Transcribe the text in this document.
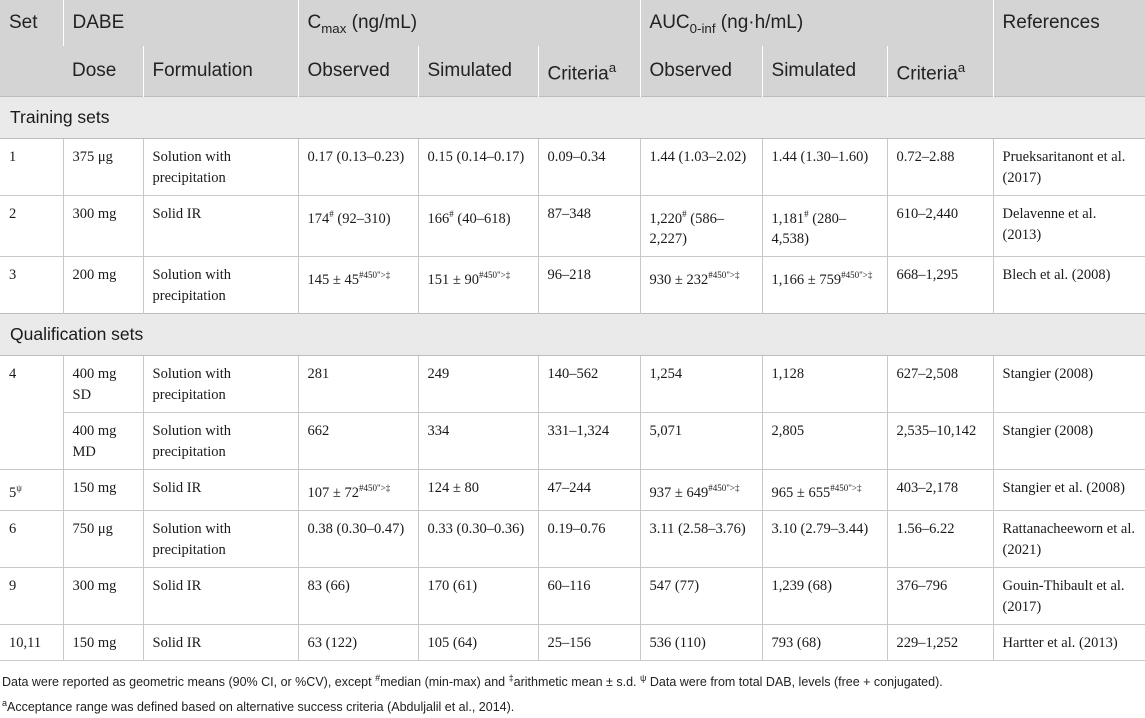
Set	DABE		$C_{max}$ (ng/mL)			$AUC_{0-inf}$ (ng·h/mL)			References
	Dose	Formulation	Observed	Simulated	Criteria$^a$	Observed	Simulated	Criteria$^a$
Training sets									
1	375 μg	Solution with precipitation	0.17 (0.13–0.23)	0.15 (0.14–0.17)	0.09–0.34	1.44 (1.03–2.02)	1.44 (1.30–1.60)	0.72–2.88	Prueksaritanont et al. (2017)
2	300 mg	Solid IR	174# (92–310)	166# (40–618)	87–348	1,220# (586–2,227)	1,181# (280–4,538)	610–2,440	Delavenne et al. (2013)
3	200 mg	Solution with precipitation	$145 \pm 45^{\#450">\ddagger}$	$151 \pm 90^{\#450">\ddagger}$	96–218	$930 \pm 232^{\#450">\ddagger}$	$1,166 \pm 759^{\#450">\ddagger}$	668–1,295	Blech et al. (2008)
Qualification sets									
4	400 mg SD	Solution with precipitation	281	249	140–562	1,254	1,128	627–2,508	Stangier (2008)
	400 mg MD	Solution with precipitation	662	334	331–1,324	5,071	2,805	2,535–10,142	Stangier (2008)
$5^\psi$	150 mg	Solid IR	$107 \pm 72^{\#450">\ddagger}$	124 ± 80	47–244	$937 \pm 649^{\#450">\ddagger}$	$965 \pm 655^{\#450">\ddagger}$	403–2,178	Stangier et al. (2008)
6	750 μg	Solution with precipitation	0.38 (0.30–0.47)	0.33 (0.30–0.36)	0.19–0.76	3.11 (2.58–3.76)	3.10 (2.79–3.44)	1.56–6.22	Rattanacheeworn et al. (2021)
9	300 mg	Solid IR	83 (66)	170 (61)	60–116	547 (77)	1,239 (68)	376–796	Gouin-Thibault et al. (2017)
10,11	150 mg	Solid IR	63 (122)	105 (64)	25–156	536 (110)	793 (68)	229–1,252	Hartter et al. (2013)
Data were reported as geometric means (90% CI, or %CV), except #median (min-max) and ‡arithmetic mean ± s.d. $^\psi$ Data were from total DAB, levels (free + conjugated).
$^a$Acceptance range was defined based on alternative success criteria (Abduljalil et al., 2014).
